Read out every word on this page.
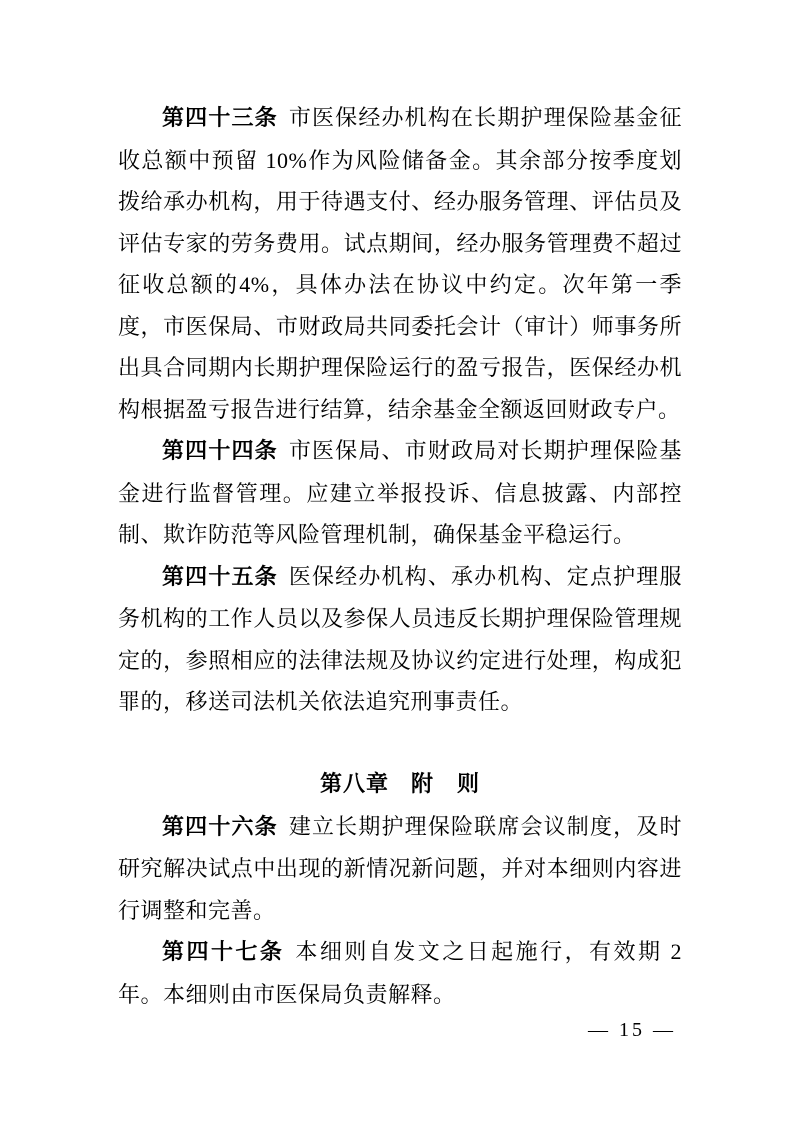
第四十三条 市医保经办机构在长期护理保险基金征收总额中预留 10%作为风险储备金。其余部分按季度划拨给承办机构，用于待遇支付、经办服务管理、评估员及评估专家的劳务费用。试点期间，经办服务管理费不超过征收总额的4%，具体办法在协议中约定。次年第一季度，市医保局、市财政局共同委托会计（审计）师事务所出具合同期内长期护理保险运行的盈亏报告，医保经办机构根据盈亏报告进行结算，结余基金全额返回财政专户。

第四十四条 市医保局、市财政局对长期护理保险基金进行监督管理。应建立举报投诉、信息披露、内部控制、欺诈防范等风险管理机制，确保基金平稳运行。

第四十五条 医保经办机构、承办机构、定点护理服务机构的工作人员以及参保人员违反长期护理保险管理规定的，参照相应的法律法规及协议约定进行处理，构成犯罪的，移送司法机关依法追究刑事责任。

第八章 附　则

第四十六条 建立长期护理保险联席会议制度，及时研究解决试点中出现的新情况新问题，并对本细则内容进行调整和完善。

第四十七条 本细则自发文之日起施行，有效期 2 年。本细则由市医保局负责解释。

— 15 —
